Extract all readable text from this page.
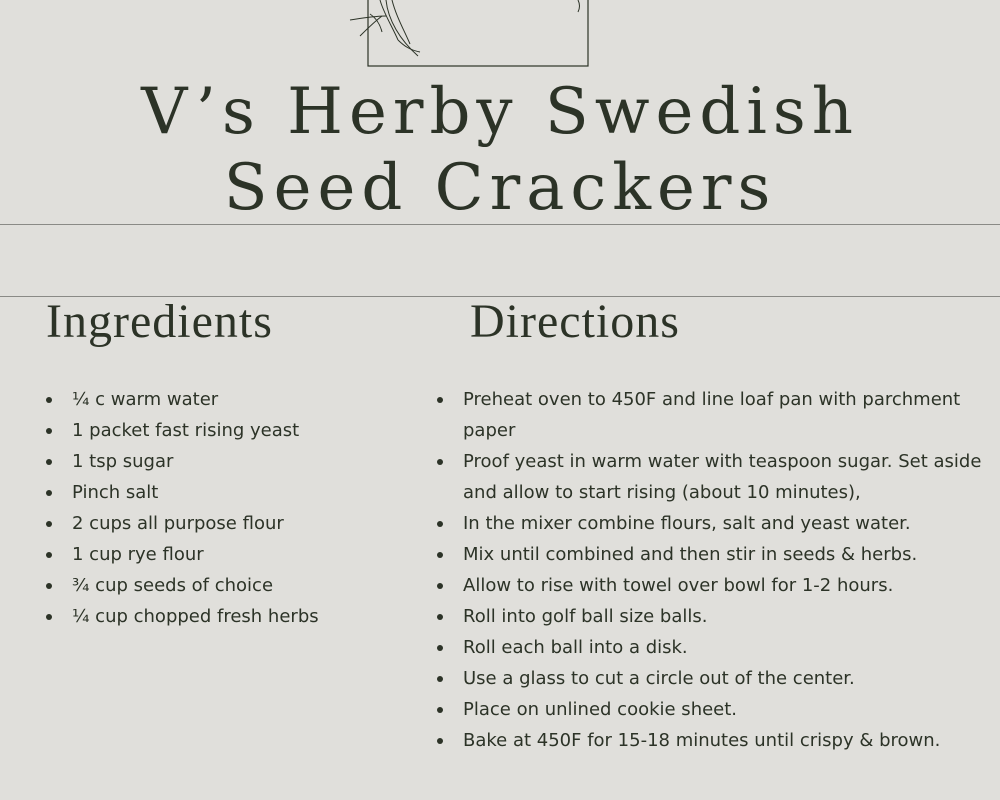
V’s Herby Swedish
Seed Crackers
Ingredients	Directions
¼ c warm water
1 packet fast rising yeast
1 tsp sugar
Pinch salt
2 cups all purpose flour
1 cup rye flour
¾ cup seeds of choice
¼ cup chopped fresh herbs
Preheat oven to 450F and line loaf pan with parchment paper
Proof yeast in warm water with teaspoon sugar. Set aside and allow to start rising (about 10 minutes),
In the mixer combine flours, salt and yeast water.
Mix until combined and then stir in seeds & herbs.
Allow to rise with towel over bowl for 1-2 hours.
Roll into golf ball size balls.
Roll each ball into a disk.
Use a glass to cut a circle out of the center.
Place on unlined cookie sheet.
Bake at 450F for 15-18 minutes until crispy & brown.
